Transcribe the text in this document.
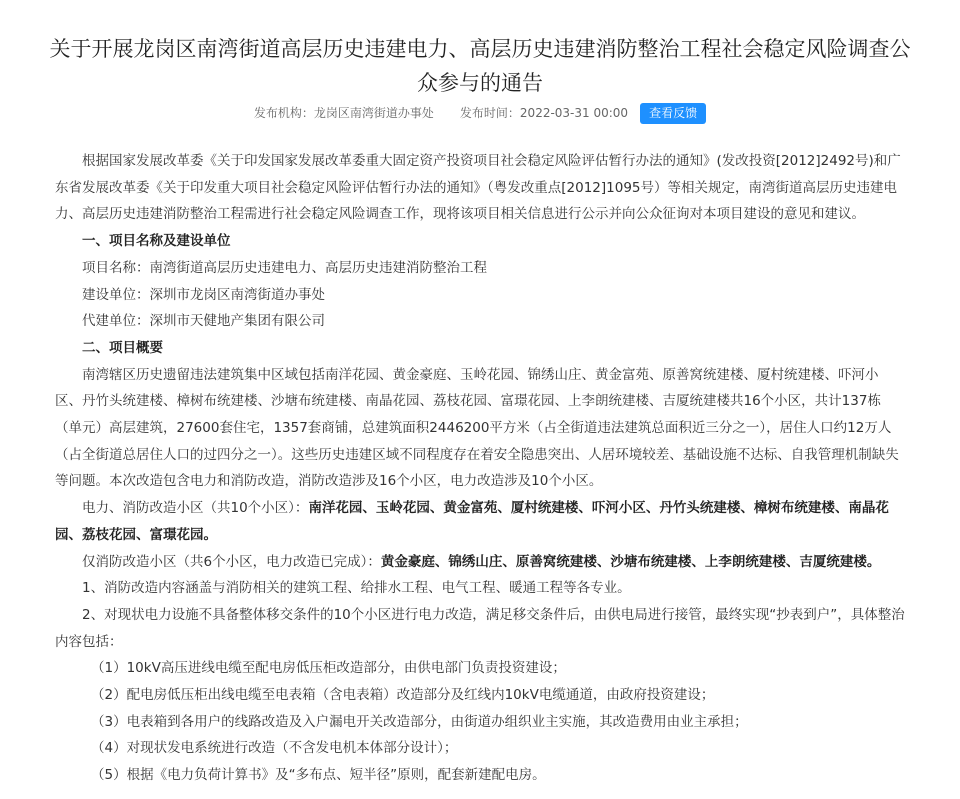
关于开展龙岗区南湾街道高层历史违建电力、高层历史违建消防整治工程社会稳定风险调查公
众参与的通告
发布机构：龙岗区南湾街道办事处 发布时间：2022-03-31 00:00 查看反馈

根据国家发展改革委《关于印发国家发展改革委重大固定资产投资项目社会稳定风险评估暂行办法的通知》(发改投资[2012]2492号)和广东省发展改革委《关于印发重大项目社会稳定风险评估暂行办法的通知》（粤发改重点[2012]1095号）等相关规定，南湾街道高层历史违建电力、高层历史违建消防整治工程需进行社会稳定风险调查工作，现将该项目相关信息进行公示并向公众征询对本项目建设的意见和建议。

一、项目名称及建设单位

项目名称：南湾街道高层历史违建电力、高层历史违建消防整治工程

建设单位：深圳市龙岗区南湾街道办事处

代建单位：深圳市天健地产集团有限公司

二、项目概要

南湾辖区历史遗留违法建筑集中区域包括南洋花园、黄金豪庭、玉岭花园、锦绣山庄、黄金富苑、原善窝统建楼、厦村统建楼、吓河小区、丹竹头统建楼、樟树布统建楼、沙塘布统建楼、南晶花园、荔枝花园、富璟花园、上李朗统建楼、吉厦统建楼共16个小区，共计137栋（单元）高层建筑，27600套住宅，1357套商铺，总建筑面积2446200平方米（占全街道违法建筑总面积近三分之一），居住人口约12万人（占全街道总居住人口的过四分之一）。这些历史违建区域不同程度存在着安全隐患突出、人居环境较差、基础设施不达标、自我管理机制缺失等问题。本次改造包含电力和消防改造，消防改造涉及16个小区，电力改造涉及10个小区。

电力、消防改造小区（共10个小区）：南洋花园、玉岭花园、黄金富苑、厦村统建楼、吓河小区、丹竹头统建楼、樟树布统建楼、南晶花园、荔枝花园、富璟花园。

仅消防改造小区（共6个小区，电力改造已完成）：黄金豪庭、锦绣山庄、原善窝统建楼、沙塘布统建楼、上李朗统建楼、吉厦统建楼。

1、消防改造内容涵盖与消防相关的建筑工程、给排水工程、电气工程、暖通工程等各专业。

2、对现状电力设施不具备整体移交条件的10个小区进行电力改造，满足移交条件后，由供电局进行接管，最终实现“抄表到户”，具体整治内容包括：

（1）10kV高压进线电缆至配电房低压柜改造部分，由供电部门负责投资建设；

（2）配电房低压柜出线电缆至电表箱（含电表箱）改造部分及红线内10kV电缆通道，由政府投资建设；

（3）电表箱到各用户的线路改造及入户漏电开关改造部分，由街道办组织业主实施，其改造费用由业主承担；

（4）对现状发电系统进行改造（不含发电机本体部分设计）；

（5）根据《电力负荷计算书》及“多布点、短半径”原则，配套新建配电房。
